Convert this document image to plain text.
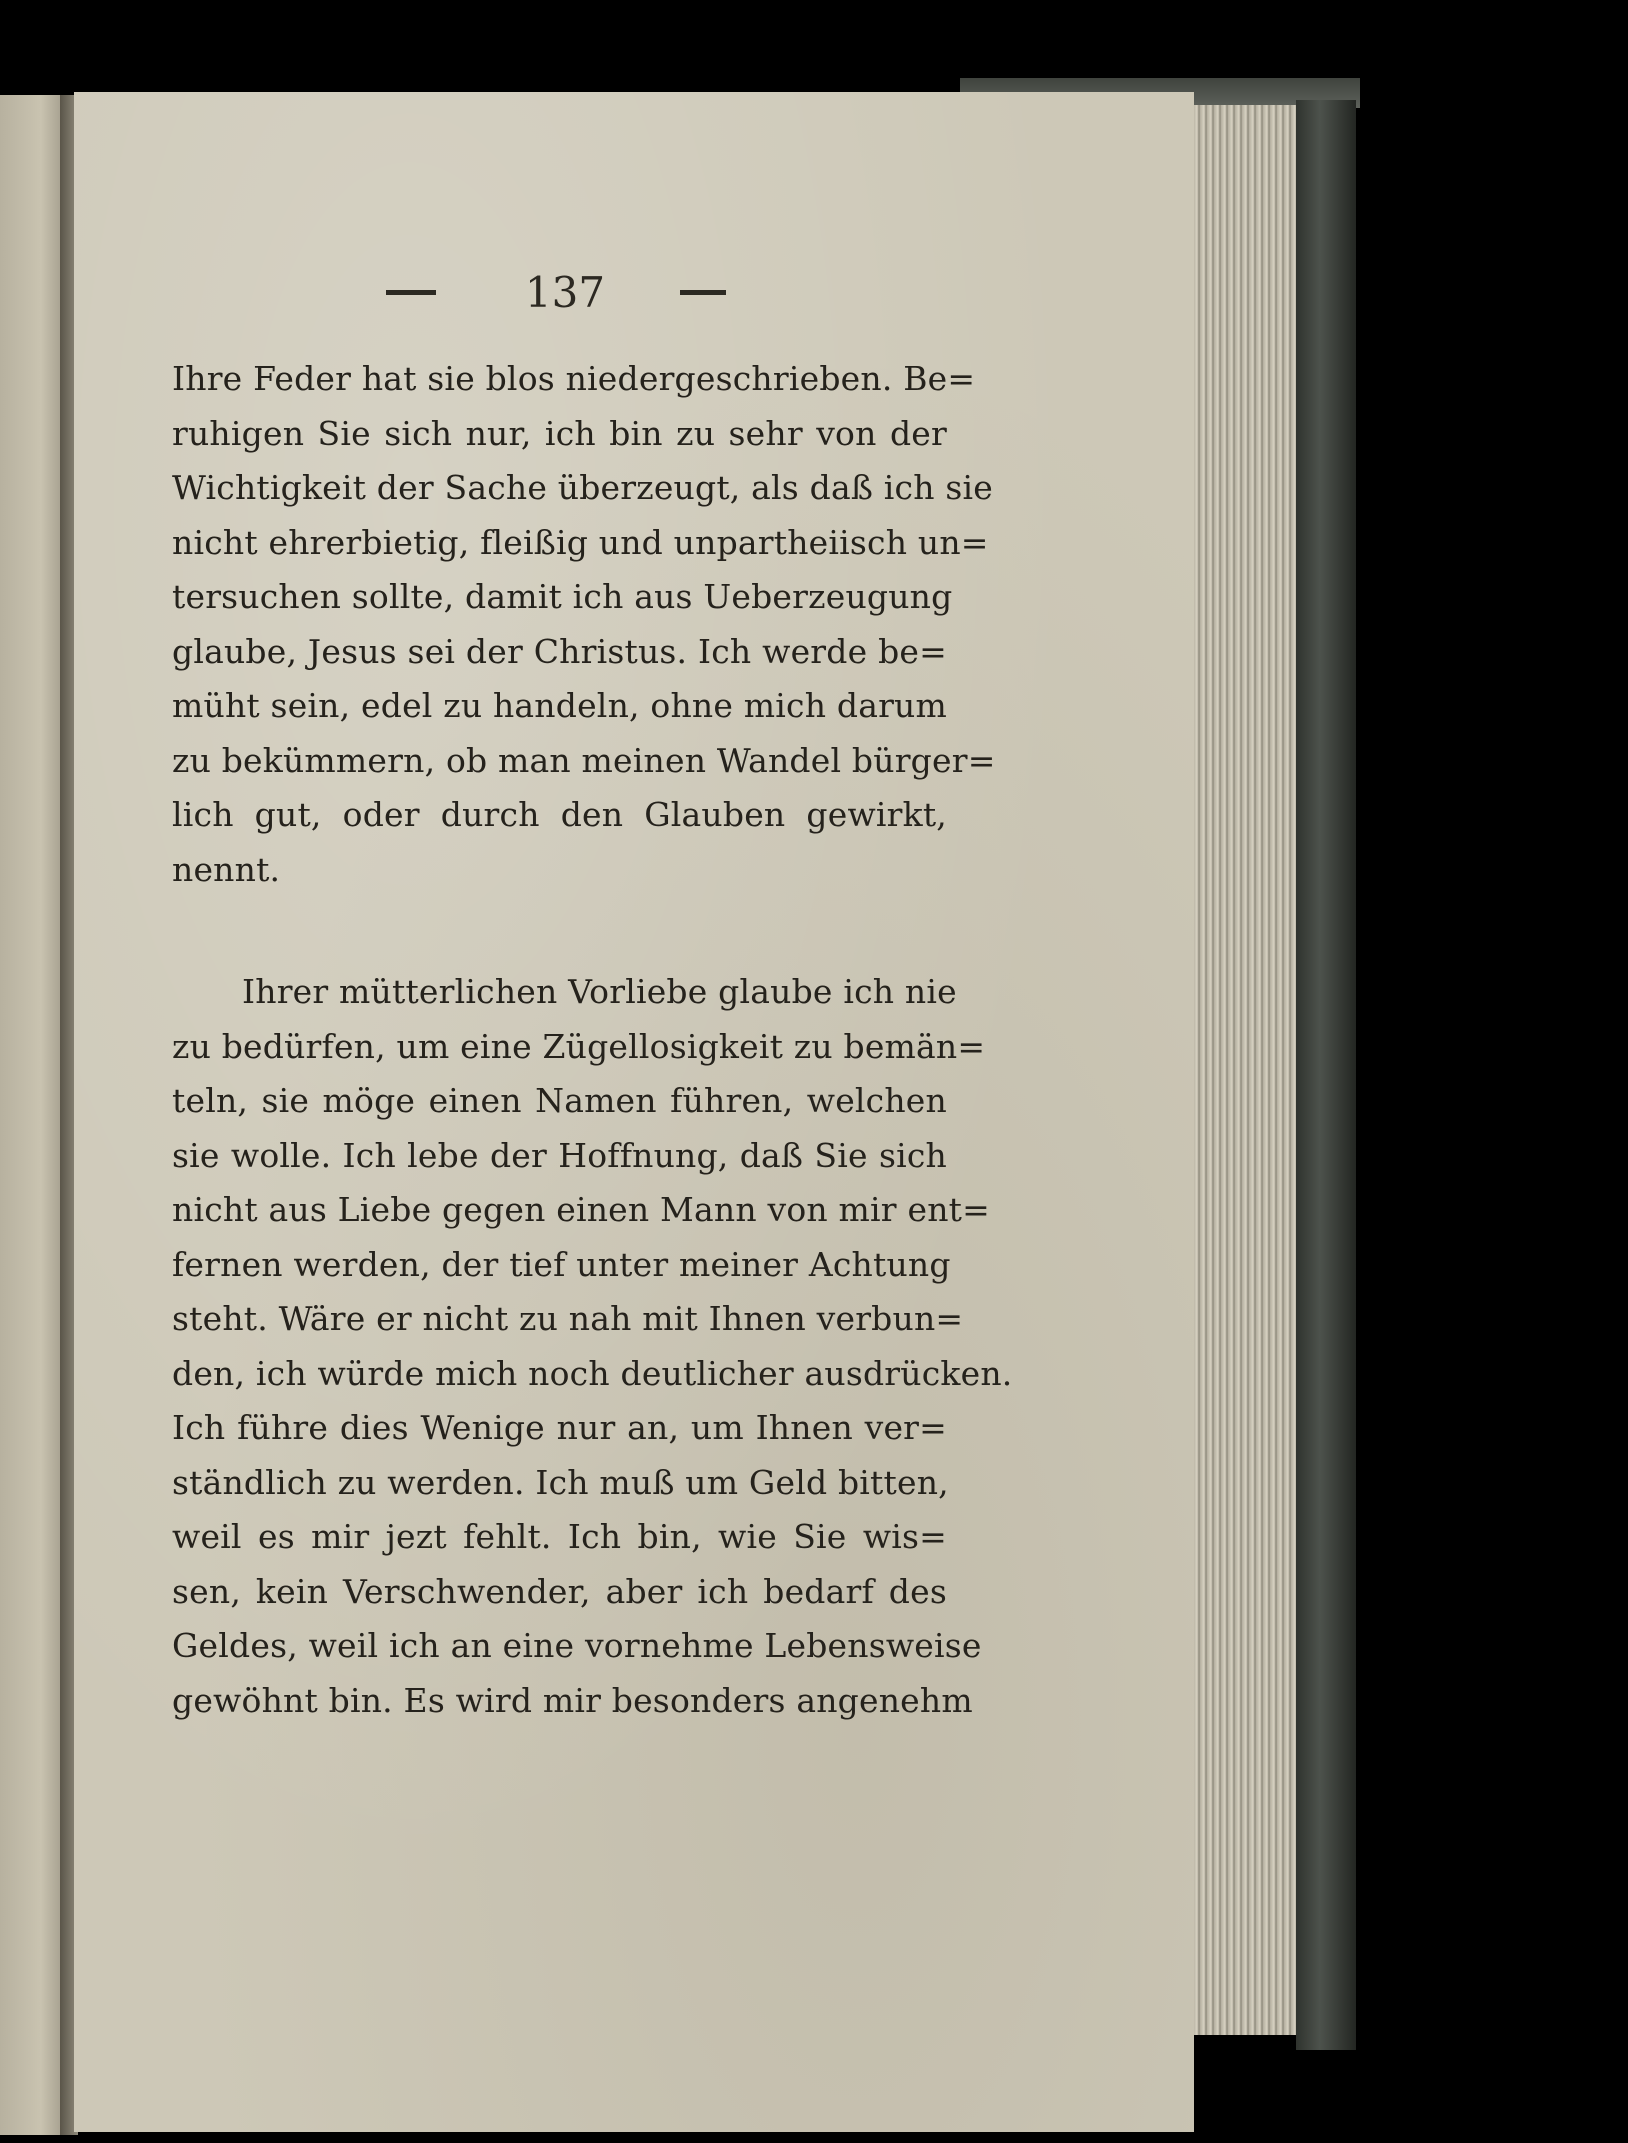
137
Ihre Feder hat sie blos niedergeschrieben. Be=
ruhigen Sie sich nur, ich bin zu sehr von der
Wichtigkeit der Sache überzeugt, als daß ich sie
nicht ehrerbietig, fleißig und unpartheiisch un=
tersuchen sollte, damit ich aus Ueberzeugung
glaube, Jesus sei der Christus. Ich werde be=
müht sein, edel zu handeln, ohne mich darum
zu bekümmern, ob man meinen Wandel bürger=
lich gut, oder durch den Glauben gewirkt,
nennt.
Ihrer mütterlichen Vorliebe glaube ich nie
zu bedürfen, um eine Zügellosigkeit zu bemän=
teln, sie möge einen Namen führen, welchen
sie wolle. Ich lebe der Hoffnung, daß Sie sich
nicht aus Liebe gegen einen Mann von mir ent=
fernen werden, der tief unter meiner Achtung
steht. Wäre er nicht zu nah mit Ihnen verbun=
den, ich würde mich noch deutlicher ausdrücken.
Ich führe dies Wenige nur an, um Ihnen ver=
ständlich zu werden. Ich muß um Geld bitten,
weil es mir jezt fehlt. Ich bin, wie Sie wis=
sen, kein Verschwender, aber ich bedarf des
Geldes, weil ich an eine vornehme Lebensweise
gewöhnt bin. Es wird mir besonders angenehm
